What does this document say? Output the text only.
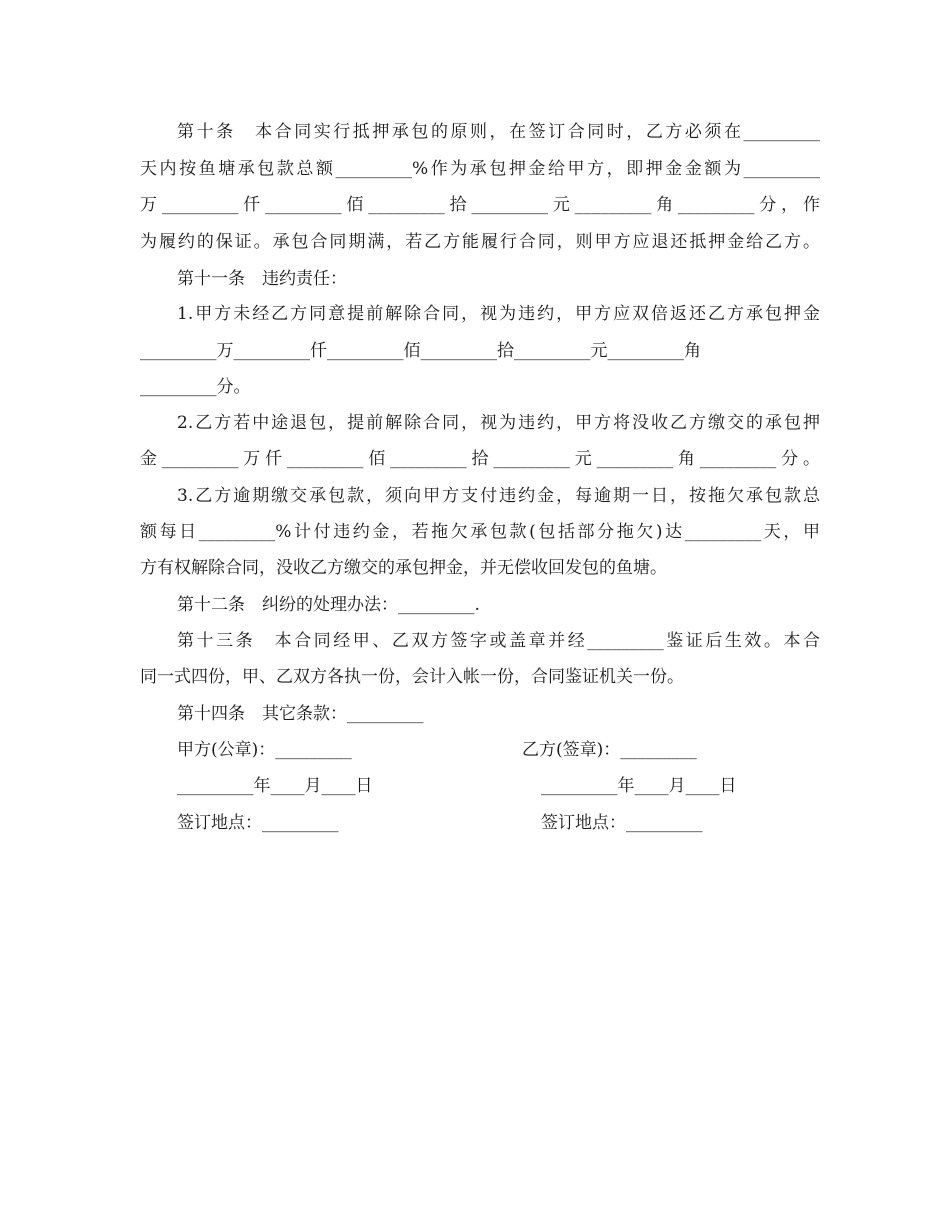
第十条　本合同实行抵押承包的原则，在签订合同时，乙方必须在_________
天内按鱼塘承包款总额_________%作为承包押金给甲方，即押金金额为_________
万_________仟_________佰_________拾_________元_________角_________分，作
为履约的保证。承包合同期满，若乙方能履行合同，则甲方应退还抵押金给乙方。
第十一条　违约责任：
1.甲方未经乙方同意提前解除合同，视为违约，甲方应双倍返还乙方承包押金
_________万_________仟_________佰_________拾_________元_________角
_________分。
2.乙方若中途退包，提前解除合同，视为违约，甲方将没收乙方缴交的承包押
金_________万仟_________佰_________拾_________元_________角_________分。
3.乙方逾期缴交承包款，须向甲方支付违约金，每逾期一日，按拖欠承包款总
额每日_________%计付违约金，若拖欠承包款(包括部分拖欠)达_________天，甲
方有权解除合同，没收乙方缴交的承包押金，并无偿收回发包的鱼塘。
第十二条　纠纷的处理办法：_________.
第十三条　本合同经甲、乙双方签字或盖章并经_________鉴证后生效。本合
同一式四份，甲、乙双方各执一份，会计入帐一份，合同鉴证机关一份。
第十四条　其它条款：_________
甲方(公章)：_________	乙方(签章)：_________
_________年____月____日	_________年____月____日
签订地点：_________	签订地点：_________
